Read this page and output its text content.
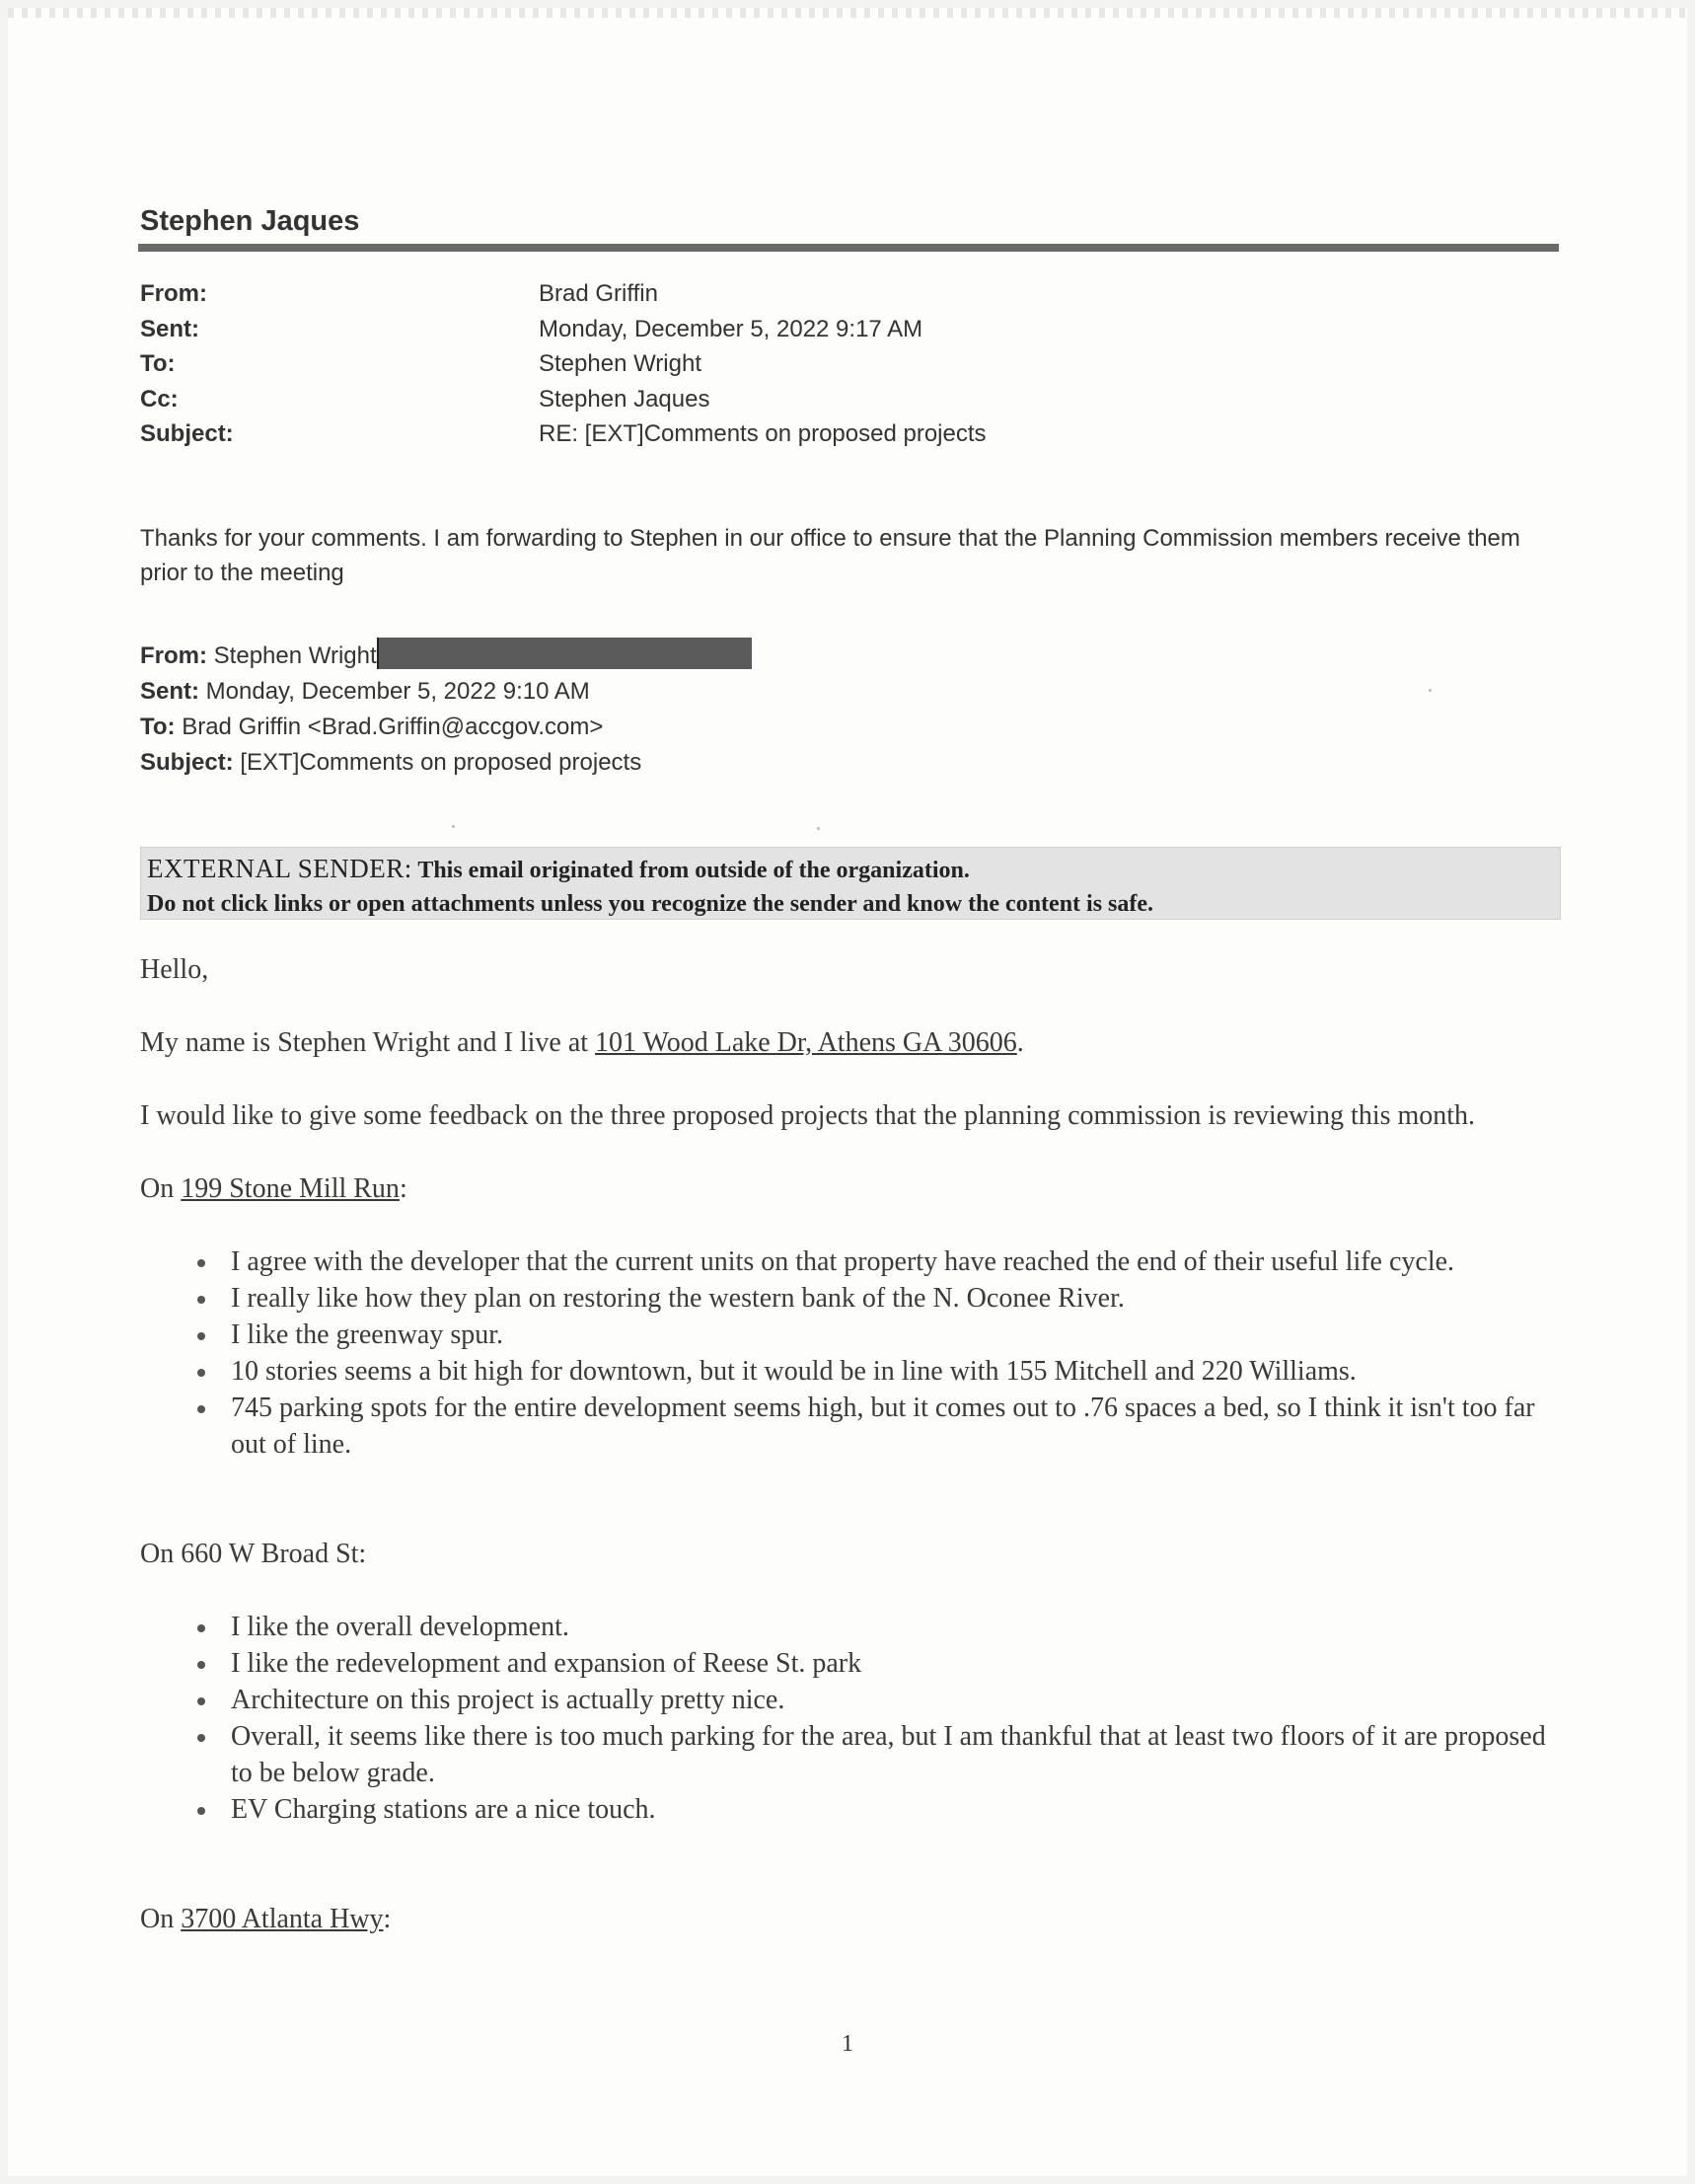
Stephen Jaques
From:	Brad Griffin
Sent:	Monday, December 5, 2022 9:17 AM
To:	Stephen Wright
Cc:	Stephen Jaques
Subject:	RE: [EXT]Comments on proposed projects
Thanks for your comments. I am forwarding to Stephen in our office to ensure that the Planning Commission members receive them prior to the meeting
From: Stephen Wright
Sent: Monday, December 5, 2022 9:10 AM
To: Brad Griffin <Brad.Griffin@accgov.com>
Subject: [EXT]Comments on proposed projects
EXTERNAL SENDER: This email originated from outside of the organization.
Do not click links or open attachments unless you recognize the sender and know the content is safe.

Hello,

My name is Stephen Wright and I live at 101 Wood Lake Dr, Athens GA 30606.

I would like to give some feedback on the three proposed projects that the planning commission is reviewing this month.

On 199 Stone Mill Run:

I agree with the developer that the current units on that property have reached the end of their useful life cycle.
I really like how they plan on restoring the western bank of the N. Oconee River.
I like the greenway spur.
10 stories seems a bit high for downtown, but it would be in line with 155 Mitchell and 220 Williams.
745 parking spots for the entire development seems high, but it comes out to .76 spaces a bed, so I think it isn't too far out of line.

On 660 W Broad St:

I like the overall development.
I like the redevelopment and expansion of Reese St. park
Architecture on this project is actually pretty nice.
Overall, it seems like there is too much parking for the area, but I am thankful that at least two floors of it are proposed to be below grade.
EV Charging stations are a nice touch.

On 3700 Atlanta Hwy:

1
